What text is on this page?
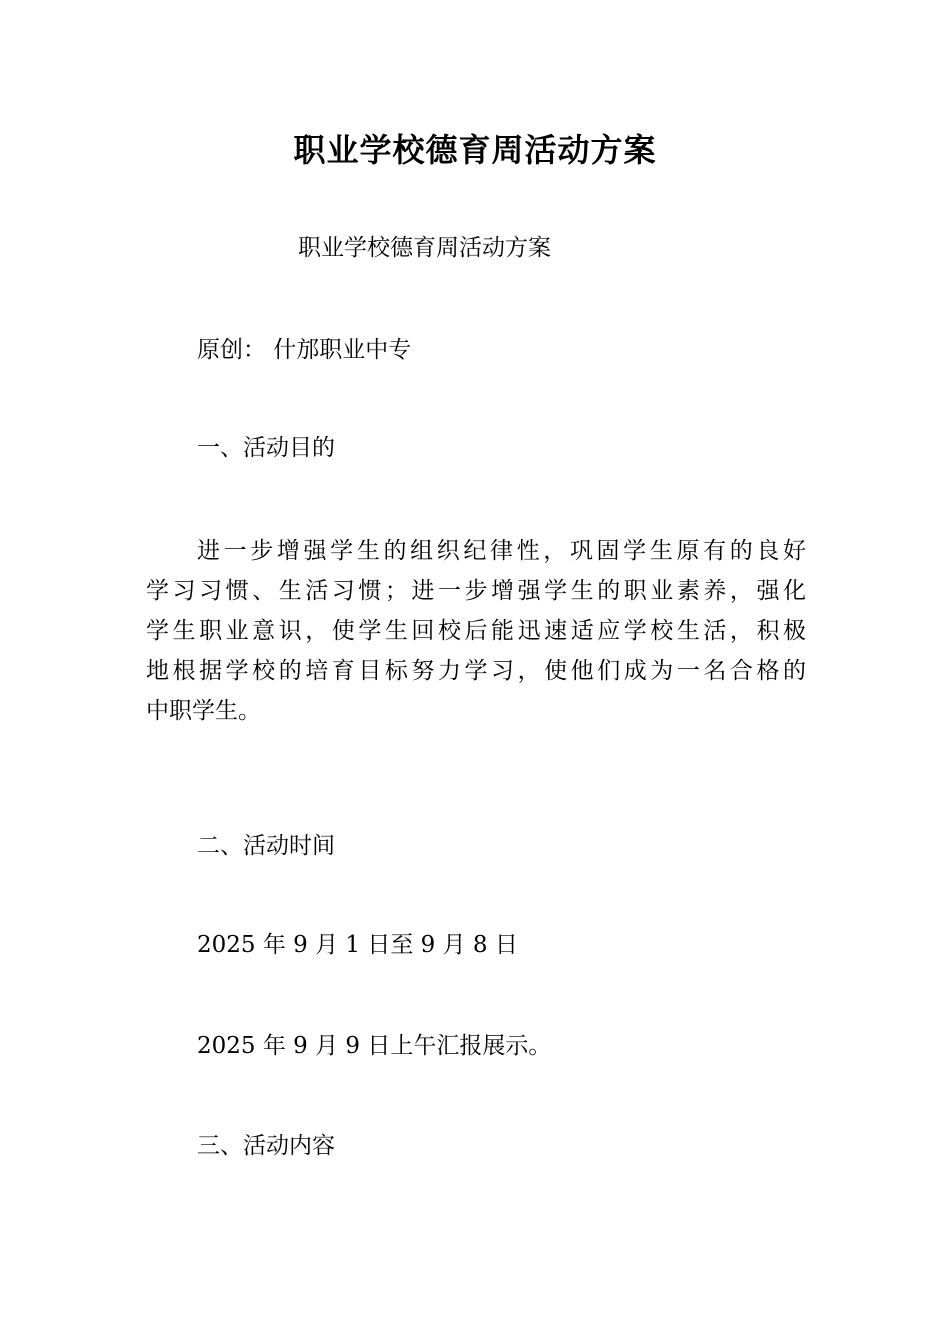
职业学校德育周活动方案
职业学校德育周活动方案
原创： 什邡职业中专
一、活动目的
进一步增强学生的组织纪律性，巩固学生原有的良好
学习习惯、生活习惯；进一步增强学生的职业素养，强化
学生职业意识，使学生回校后能迅速适应学校生活，积极
地根据学校的培育目标努力学习，使他们成为一名合格的
中职学生。
二、活动时间
2025 年 9 月 1 日至 9 月 8 日
2025 年 9 月 9 日上午汇报展示。
三、活动内容
